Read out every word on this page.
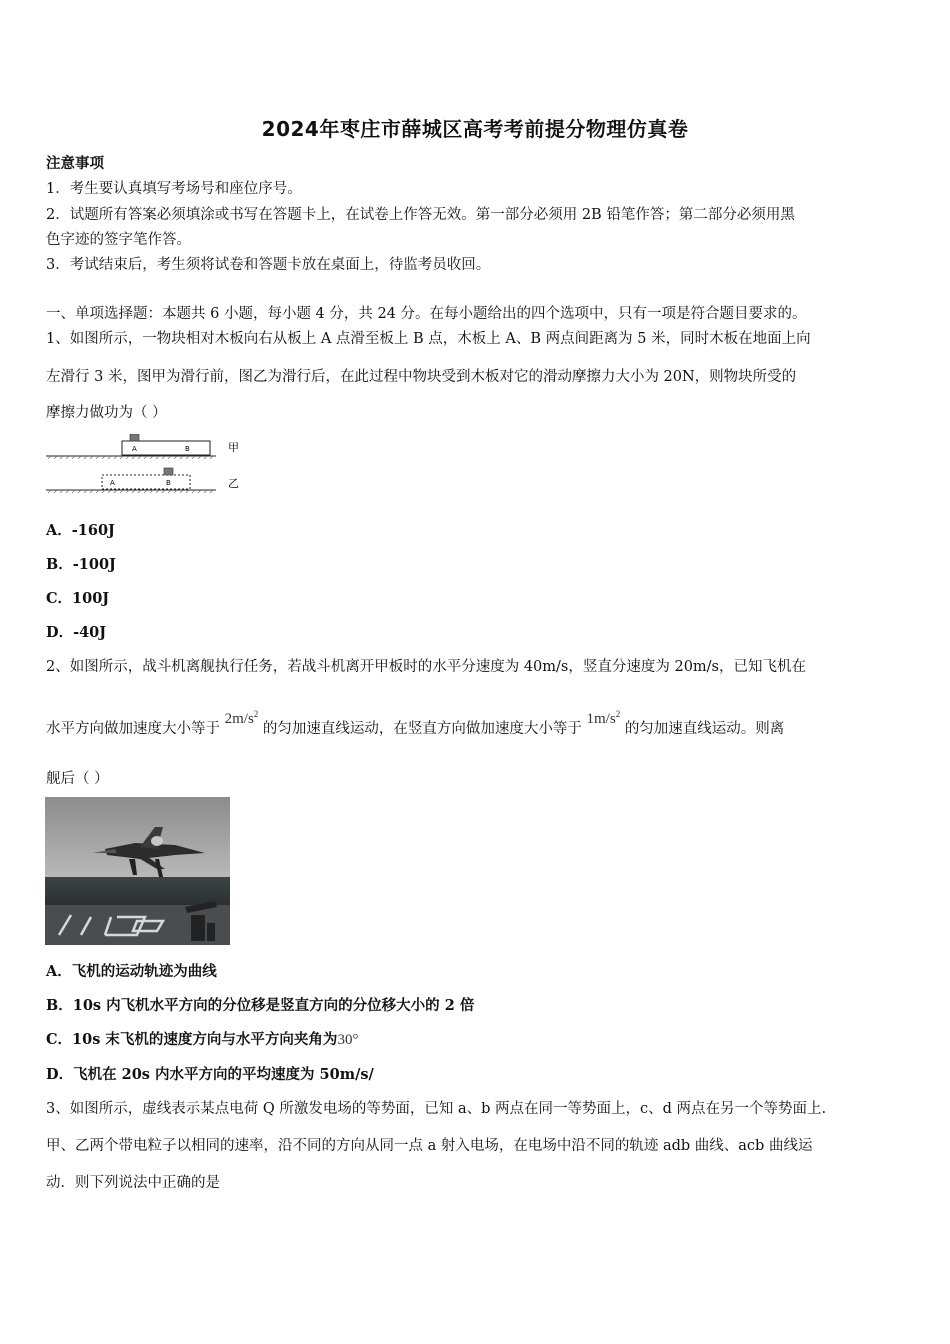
2024年枣庄市薛城区高考考前提分物理仿真卷
注意事项
1．考生要认真填写考场号和座位序号。
2．试题所有答案必须填涂或书写在答题卡上，在试卷上作答无效。第一部分必须用 2B 铅笔作答；第二部分必须用黑
色字迹的签字笔作答。
3．考试结束后，考生须将试卷和答题卡放在桌面上，待监考员收回。
一、单项选择题：本题共 6 小题，每小题 4 分，共 24 分。在每小题给出的四个选项中，只有一项是符合题目要求的。
1、如图所示，一物块相对木板向右从板上 A 点滑至板上 B 点，木板上 A、B 两点间距离为 5 米，同时木板在地面上向
左滑行 3 米，图甲为滑行前，图乙为滑行后，在此过程中物块受到木板对它的滑动摩擦力大小为 20N，则物块所受的
摩擦力做功为（ ）
A	B	甲
A	B	乙
A．-160J
B．-100J
C．100J
D．-40J
2、如图所示，战斗机离舰执行任务，若战斗机离开甲板时的水平分速度为 40m/s，竖直分速度为 20m/s，已知飞机在
水平方向做加速度大小等于 $2m/s^2$ 的匀加速直线运动，在竖直方向做加速度大小等于 $1m/s^2$ 的匀加速直线运动。则离
舰后（ ）
A．飞机的运动轨迹为曲线
B．10s 内飞机水平方向的分位移是竖直方向的分位移大小的 2 倍
C．10s 末飞机的速度方向与水平方向夹角为30°
D．飞机在 20s 内水平方向的平均速度为 50m/s/
3、如图所示，虚线表示某点电荷 Q 所激发电场的等势面，已知 a、b 两点在同一等势面上，c、d 两点在另一个等势面上.
甲、乙两个带电粒子以相同的速率，沿不同的方向从同一点 a 射入电场，在电场中沿不同的轨迹 adb 曲线、acb 曲线运
动．则下列说法中正确的是
